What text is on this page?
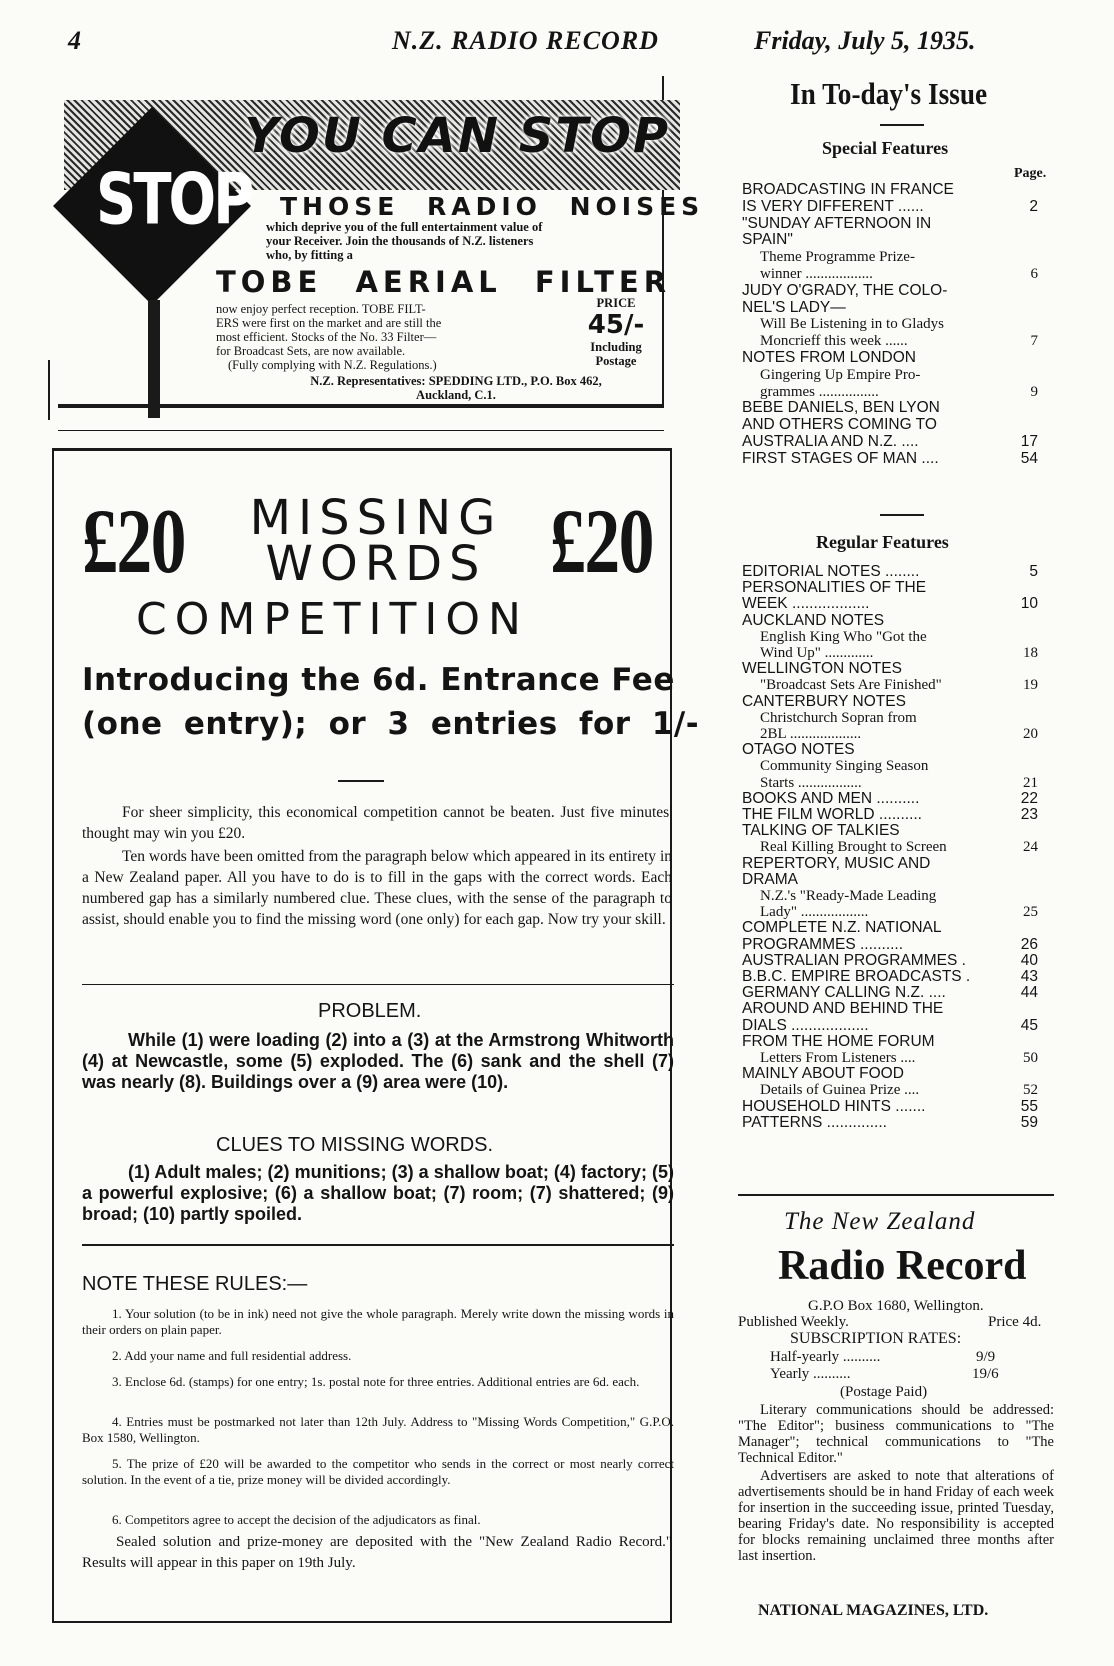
4	N.Z. RADIO RECORD	Friday, July 5, 1935.
YOU CAN STOP
STOP THOSE RADIO NOISES
which deprive you of the full entertainment value of
your Receiver. Join the thousands of N.Z. listeners
who, by fitting a
TOBE AERIAL FILTER
now enjoy perfect reception. TOBE FILT-
ERS were first on the market and are still the
most efficient. Stocks of the No. 33 Filter—
for Broadcast Sets, are now available.
(Fully complying with N.Z. Regulations.)
PRICE
45/-
Including
Postage
N.Z. Representatives: SPEDDING LTD., P.O. Box 462,
Auckland, C.1.
£20	£20
MISSING
WORDS
COMPETITION
Introducing the 6d. Entrance Fee
(one entry); or 3 entries for 1/-
For sheer simplicity, this economical competition cannot be beaten. Just five minutes' thought may win you £20.
Ten words have been omitted from the paragraph below which appeared in its entirety in a New Zealand paper. All you have to do is to fill in the gaps with the correct words. Each numbered gap has a similarly numbered clue. These clues, with the sense of the paragraph to assist, should enable you to find the missing word (one only) for each gap. Now try your skill.
PROBLEM.
While (1) were loading (2) into a (3) at the Armstrong Whitworth (4) at Newcastle, some (5) exploded. The (6) sank and the shell (7) was nearly (8). Buildings over a (9) area were (10).
CLUES TO MISSING WORDS.
(1) Adult males; (2) munitions; (3) a shallow boat; (4) factory; (5) a powerful explosive; (6) a shallow boat; (7) room; (7) shattered; (9) broad; (10) partly spoiled.
NOTE THESE RULES:—
1. Your solution (to be in ink) need not give the whole paragraph. Merely write down the missing words in their orders on plain paper.
2. Add your name and full residential address.
3. Enclose 6d. (stamps) for one entry; 1s. postal note for three entries. Additional entries are 6d. each.
4. Entries must be postmarked not later than 12th July. Address to "Missing Words Competition," G.P.O. Box 1580, Wellington.
5. The prize of £20 will be awarded to the competitor who sends in the correct or most nearly correct solution. In the event of a tie, prize money will be divided accordingly.
6. Competitors agree to accept the decision of the adjudicators as final.
Sealed solution and prize-money are deposited with the "New Zealand Radio Record." Results will appear in this paper on 19th July.
In To-day's Issue
Special Features
Page.
BROADCASTING IN FRANCE
IS VERY DIFFERENT ......	2
"SUNDAY AFTERNOON IN
SPAIN"
Theme Programme Prize-
winner ..................	6
JUDY O'GRADY, THE COLO-
NEL'S LADY—
Will Be Listening in to Gladys
Moncrieff this week ......	7
NOTES FROM LONDON
Gingering Up Empire Pro-
grammes ................	9
BEBE DANIELS, BEN LYON
AND OTHERS COMING TO
AUSTRALIA AND N.Z. ....	17
FIRST STAGES OF MAN ....	54
Regular Features
EDITORIAL NOTES ........	5
PERSONALITIES OF THE
WEEK ..................	10
AUCKLAND NOTES
English King Who "Got the
Wind Up" .............	18
WELLINGTON NOTES
"Broadcast Sets Are Finished"	19
CANTERBURY NOTES
Christchurch Sopran from
2BL ...................	20
OTAGO NOTES
Community Singing Season
Starts .................	21
BOOKS AND MEN ..........	22
THE FILM WORLD ..........	23
TALKING OF TALKIES
Real Killing Brought to Screen	24
REPERTORY, MUSIC AND
DRAMA
N.Z.'s "Ready-Made Leading
Lady" ..................	25
COMPLETE N.Z. NATIONAL
PROGRAMMES ..........	26
AUSTRALIAN PROGRAMMES .	40
B.B.C. EMPIRE BROADCASTS .	43
GERMANY CALLING N.Z. ....	44
AROUND AND BEHIND THE
DIALS ..................	45
FROM THE HOME FORUM
Letters From Listeners ....	50
MAINLY ABOUT FOOD
Details of Guinea Prize ....	52
HOUSEHOLD HINTS .......	55
PATTERNS ..............	59
The New Zealand
Radio Record
G.P.O Box 1680, Wellington.
Published Weekly.	Price 4d.
SUBSCRIPTION RATES:
Half-yearly ..........	9/9
Yearly ..........	19/6
(Postage Paid)
Literary communications should be addressed: "The Editor"; business communications to "The Manager"; technical communications to "The Technical Editor."
Advertisers are asked to note that alterations of advertisements should be in hand Friday of each week for insertion in the succeeding issue, printed Tuesday, bearing Friday's date. No responsibility is accepted for blocks remaining unclaimed three months after last insertion.
NATIONAL MAGAZINES, LTD.
